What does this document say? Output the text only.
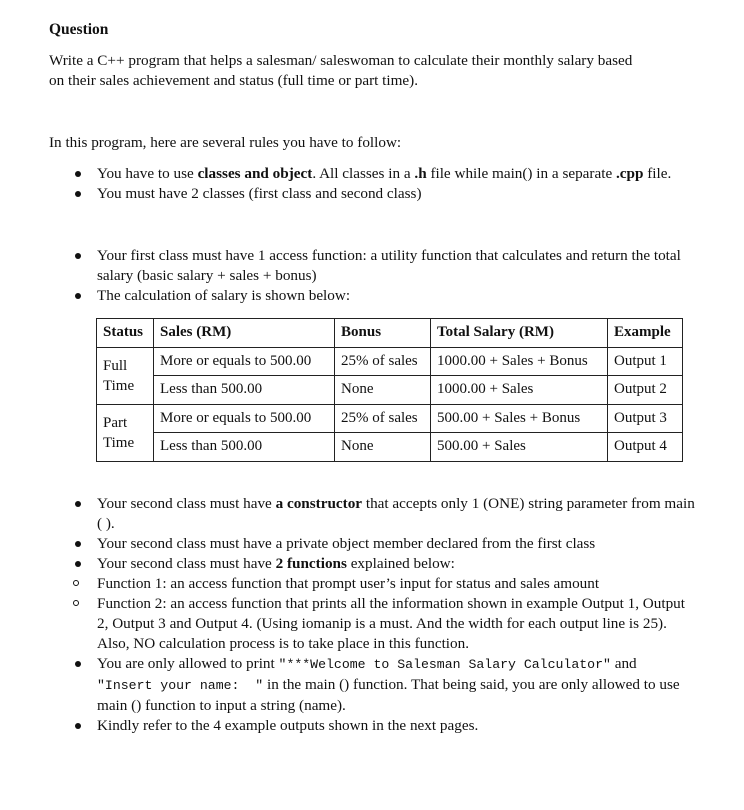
Question
Write a C++ program that helps a salesman/ saleswoman to calculate their monthly salary based
on their sales achievement and status (full time or part time).
In this program, here are several rules you have to follow:
You have to use classes and object. All classes in a .h file while main() in a separate .cpp file.
You must have 2 classes (first class and second class)
Your first class must have 1 access function: a utility function that calculates and return the total salary (basic salary + sales + bonus)
The calculation of salary is shown below:
Status	Sales (RM)	Bonus	Total Salary (RM)	Example

Full
Time	More or equals to 500.00	25% of sales	1000.00 + Sales + Bonus	Output 1
	Less than 500.00	None	1000.00 + Sales	Output 2

Part
Time	More or equals to 500.00	25% of sales	500.00 + Sales + Bonus	Output 3
	Less than 500.00	None	500.00 + Sales	Output 4
Your second class must have a constructor that accepts only 1 (ONE) string parameter from main ( ).
Your second class must have a private object member declared from the first class
Your second class must have 2 functions explained below:
Function 1: an access function that prompt user’s input for status and sales amount
Function 2: an access function that prints all the information shown in example Output 1, Output 2, Output 3 and Output 4. (Using iomanip is a must. And the width for each output line is 25). Also, NO calculation process is to take place in this function.
You are only allowed to print "***Welcome to Salesman Salary Calculator" and "Insert your name:  " in the main () function. That being said, you are only allowed to use main () function to input a string (name).
Kindly refer to the 4 example outputs shown in the next pages.
